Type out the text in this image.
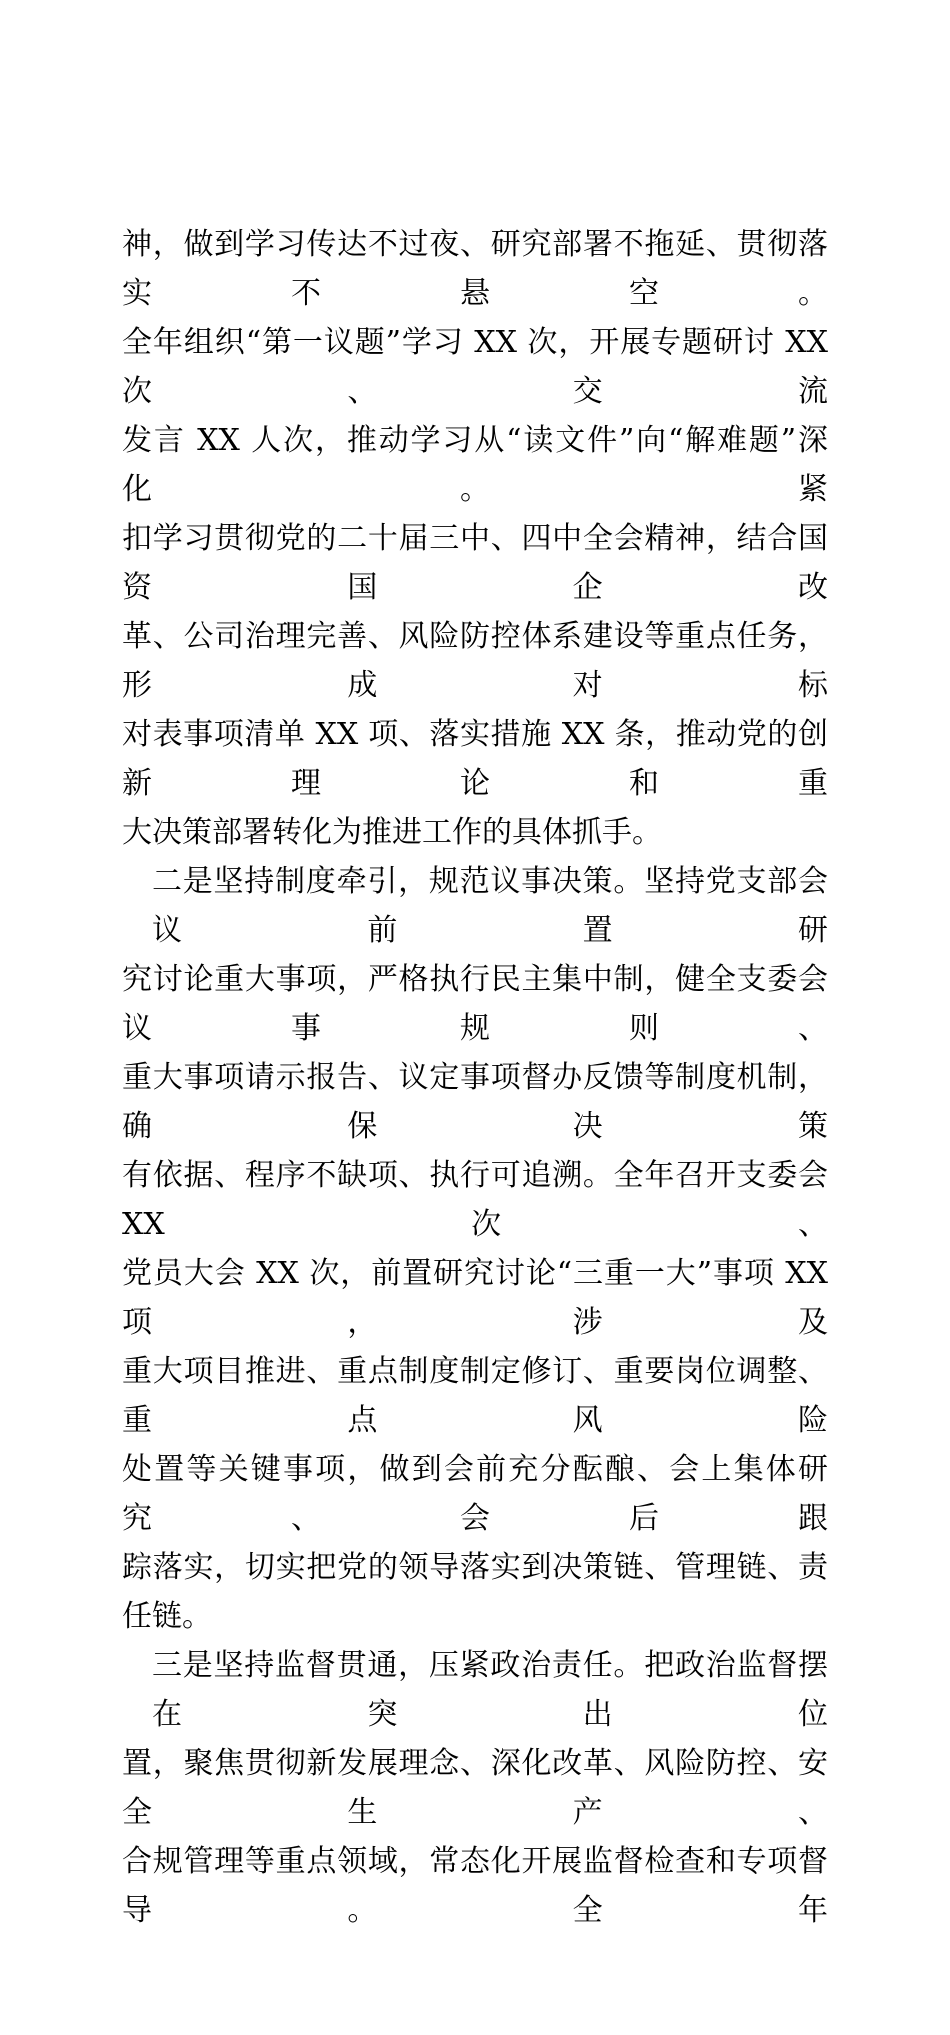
神，做到学习传达不过夜、研究部署不拖延、贯彻落实不悬空。
全年组织“第一议题”学习 XX 次，开展专题研讨 XX 次、交流
发言 XX 人次，推动学习从“读文件”向“解难题”深化。紧
扣学习贯彻党的二十届三中、四中全会精神，结合国资国企改
革、公司治理完善、风险防控体系建设等重点任务，形成对标
对表事项清单 XX 项、落实措施 XX 条，推动党的创新理论和重
大决策部署转化为推进工作的具体抓手。
二是坚持制度牵引，规范议事决策。坚持党支部会议前置研
究讨论重大事项，严格执行民主集中制，健全支委会议事规则、
重大事项请示报告、议定事项督办反馈等制度机制，确保决策
有依据、程序不缺项、执行可追溯。全年召开支委会 XX 次、
党员大会 XX 次，前置研究讨论“三重一大”事项 XX 项，涉及
重大项目推进、重点制度制定修订、重要岗位调整、重点风险
处置等关键事项，做到会前充分酝酿、会上集体研究、会后跟
踪落实，切实把党的领导落实到决策链、管理链、责任链。
三是坚持监督贯通，压紧政治责任。把政治监督摆在突出位
置，聚焦贯彻新发展理念、深化改革、风险防控、安全生产、
合规管理等重点领域，常态化开展监督检查和专项督导。全年
